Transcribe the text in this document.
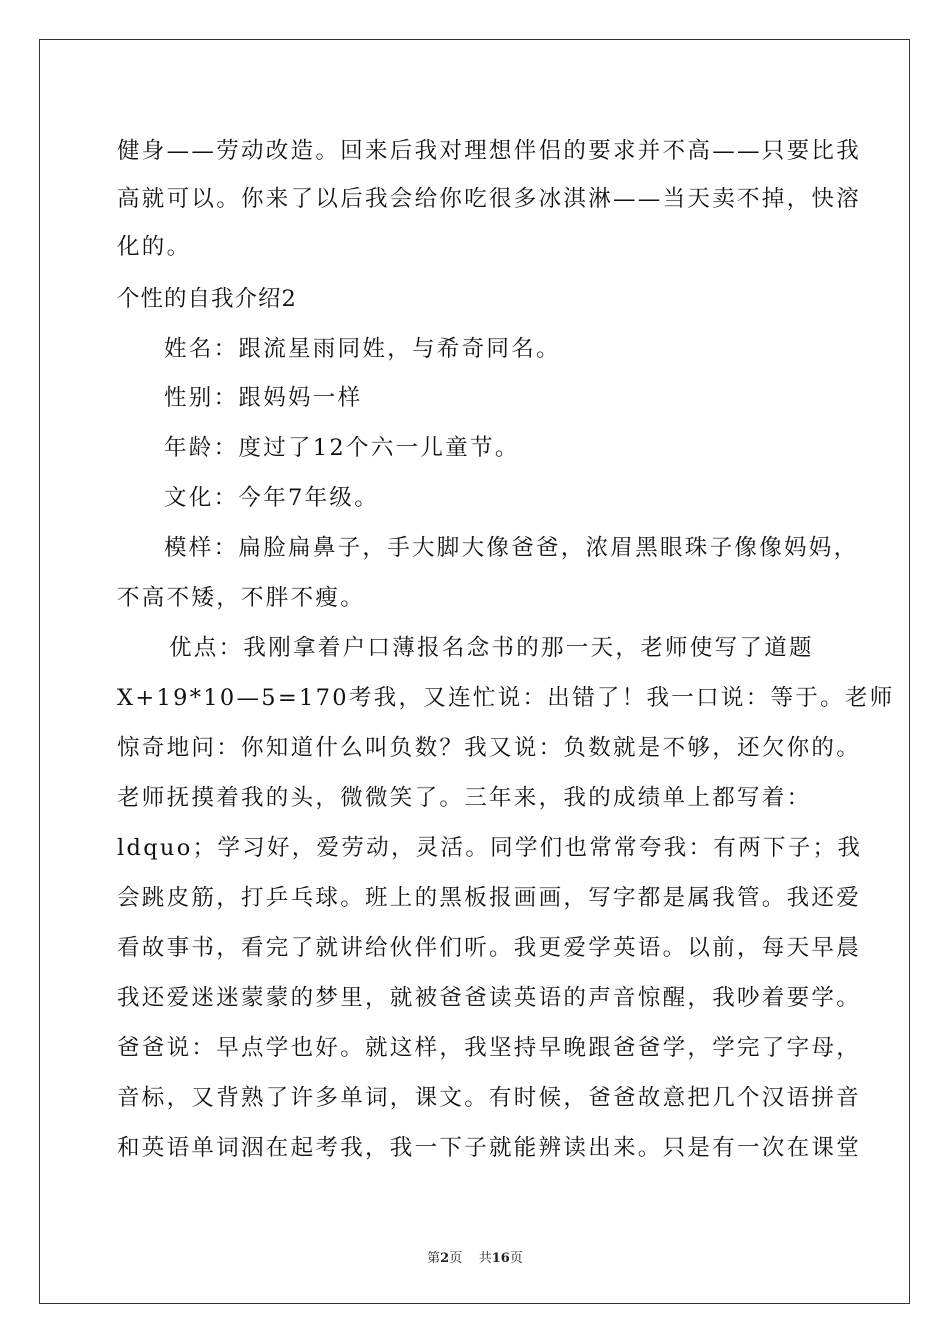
健身——劳动改造。回来后我对理想伴侣的要求并不高——只要比我
高就可以。你来了以后我会给你吃很多冰淇淋——当天卖不掉，快溶
化的。
个性的自我介绍2
姓名：跟流星雨同姓，与希奇同名。
性别：跟妈妈一样
年龄：度过了12个六一儿童节。
文化：今年7年级。
模样：扁脸扁鼻子，手大脚大像爸爸，浓眉黑眼珠子像像妈妈，
不高不矮，不胖不瘦。
优点：我刚拿着户口薄报名念书的那一天，老师使写了道题
X+19*10—5=170考我，又连忙说：出错了！我一口说：等于。老师
惊奇地问：你知道什么叫负数？我又说：负数就是不够，还欠你的。
老师抚摸着我的头，微微笑了。三年来，我的成绩单上都写着：
ldquo；学习好，爱劳动，灵活。同学们也常常夸我：有两下子；我
会跳皮筋，打乒乓球。班上的黑板报画画，写字都是属我管。我还爱
看故事书，看完了就讲给伙伴们听。我更爱学英语。以前，每天早晨
我还爱迷迷蒙蒙的梦里，就被爸爸读英语的声音惊醒，我吵着要学。
爸爸说：早点学也好。就这样，我坚持早晚跟爸爸学，学完了字母，
音标，又背熟了许多单词，课文。有时候，爸爸故意把几个汉语拼音
和英语单词洇在起考我，我一下子就能辨读出来。只是有一次在课堂
第2页 共16页
